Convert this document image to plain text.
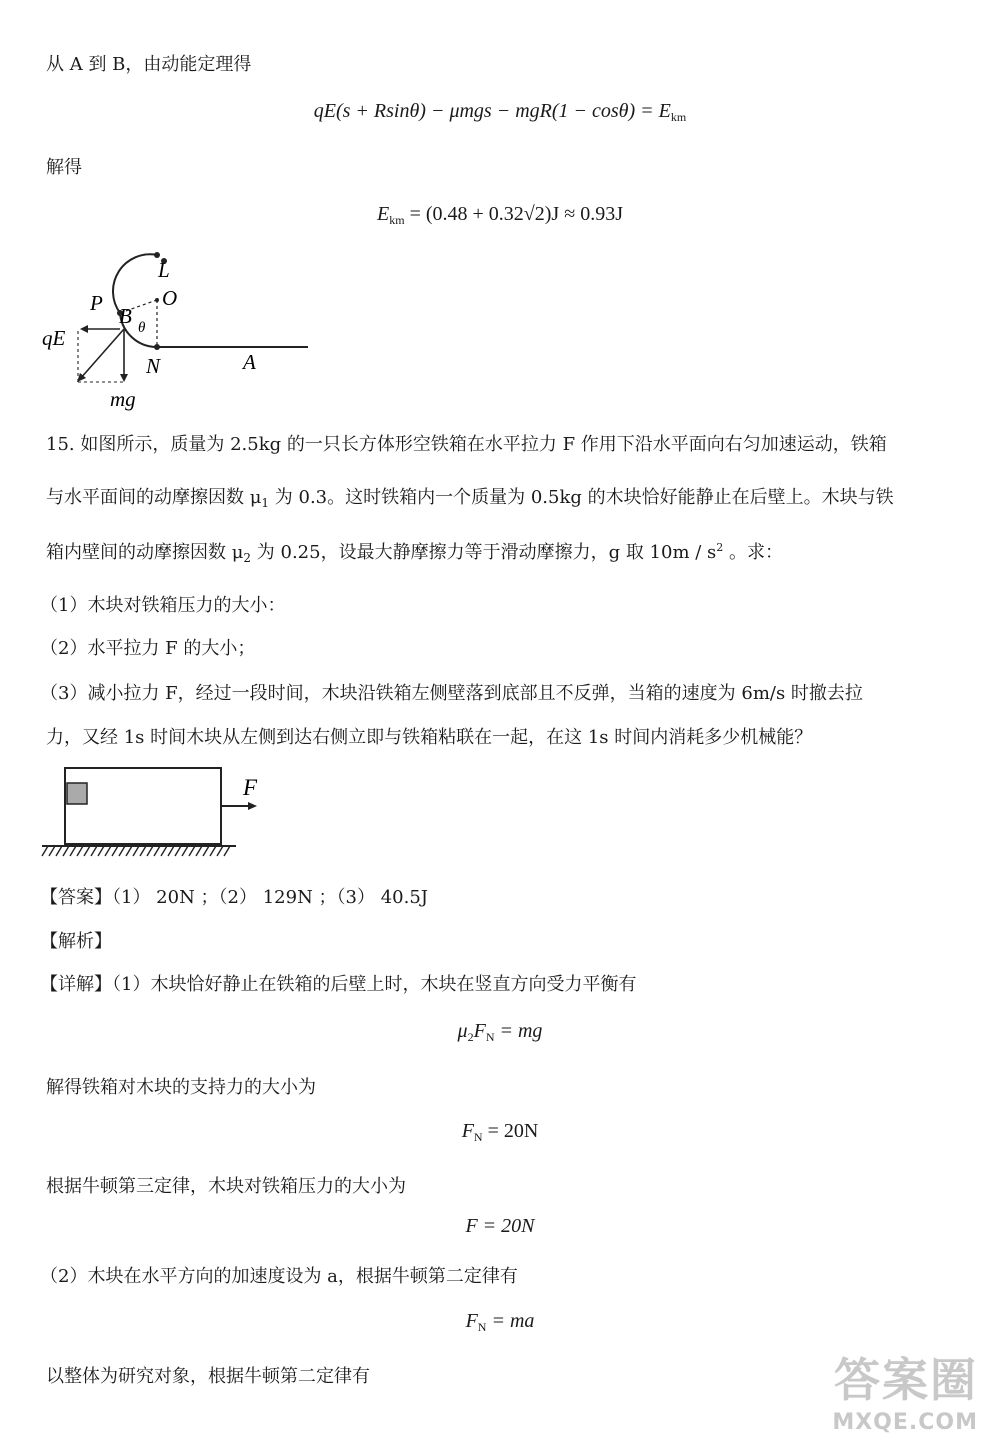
从 A 到 B，由动能定理得
$qE(s + Rsin\theta) - \mu mgs - mgR(1 - \cos\theta) = E_{km}$
解得
$E_{km} = (0.48 + 0.32√2)J \approx 0.93J$
L
P	O
B θ
qE
N	A
mg
15. 如图所示，质量为 2.5kg 的一只长方体形空铁箱在水平拉力 F 作用下沿水平面向右匀加速运动，铁箱
与水平面间的动摩擦因数 $\mu_1$ 为 0.3。这时铁箱内一个质量为 0.5kg 的木块恰好能静止在后壁上。木块与铁
箱内壁间的动摩擦因数 $\mu_2$ 为 0.25，设最大静摩擦力等于滑动摩擦力，g 取 $10m / s^2$ 。求：
（1）木块对铁箱压力的大小：
（2）水平拉力 F 的大小；
（3）减小拉力 F，经过一段时间，木块沿铁箱左侧壁落到底部且不反弹，当箱的速度为 6m/s 时撤去拉
力，又经 1s 时间木块从左侧到达右侧立即与铁箱粘联在一起，在这 1s 时间内消耗多少机械能？
F
【答案】（1） 20N ；（2） 129N ；（3） 40.5J
【解析】
【详解】（1）木块恰好静止在铁箱的后壁上时，木块在竖直方向受力平衡有
$\mu_2F_N$ = mg
解得铁箱对木块的支持力的大小为
$F_N = 20N$
根据牛顿第三定律，木块对铁箱压力的大小为
F = 20N
（2）木块在水平方向的加速度设为 a，根据牛顿第二定律有
$F_N$ = ma
以整体为研究对象，根据牛顿第二定律有	答案圈
MXQE.COM
